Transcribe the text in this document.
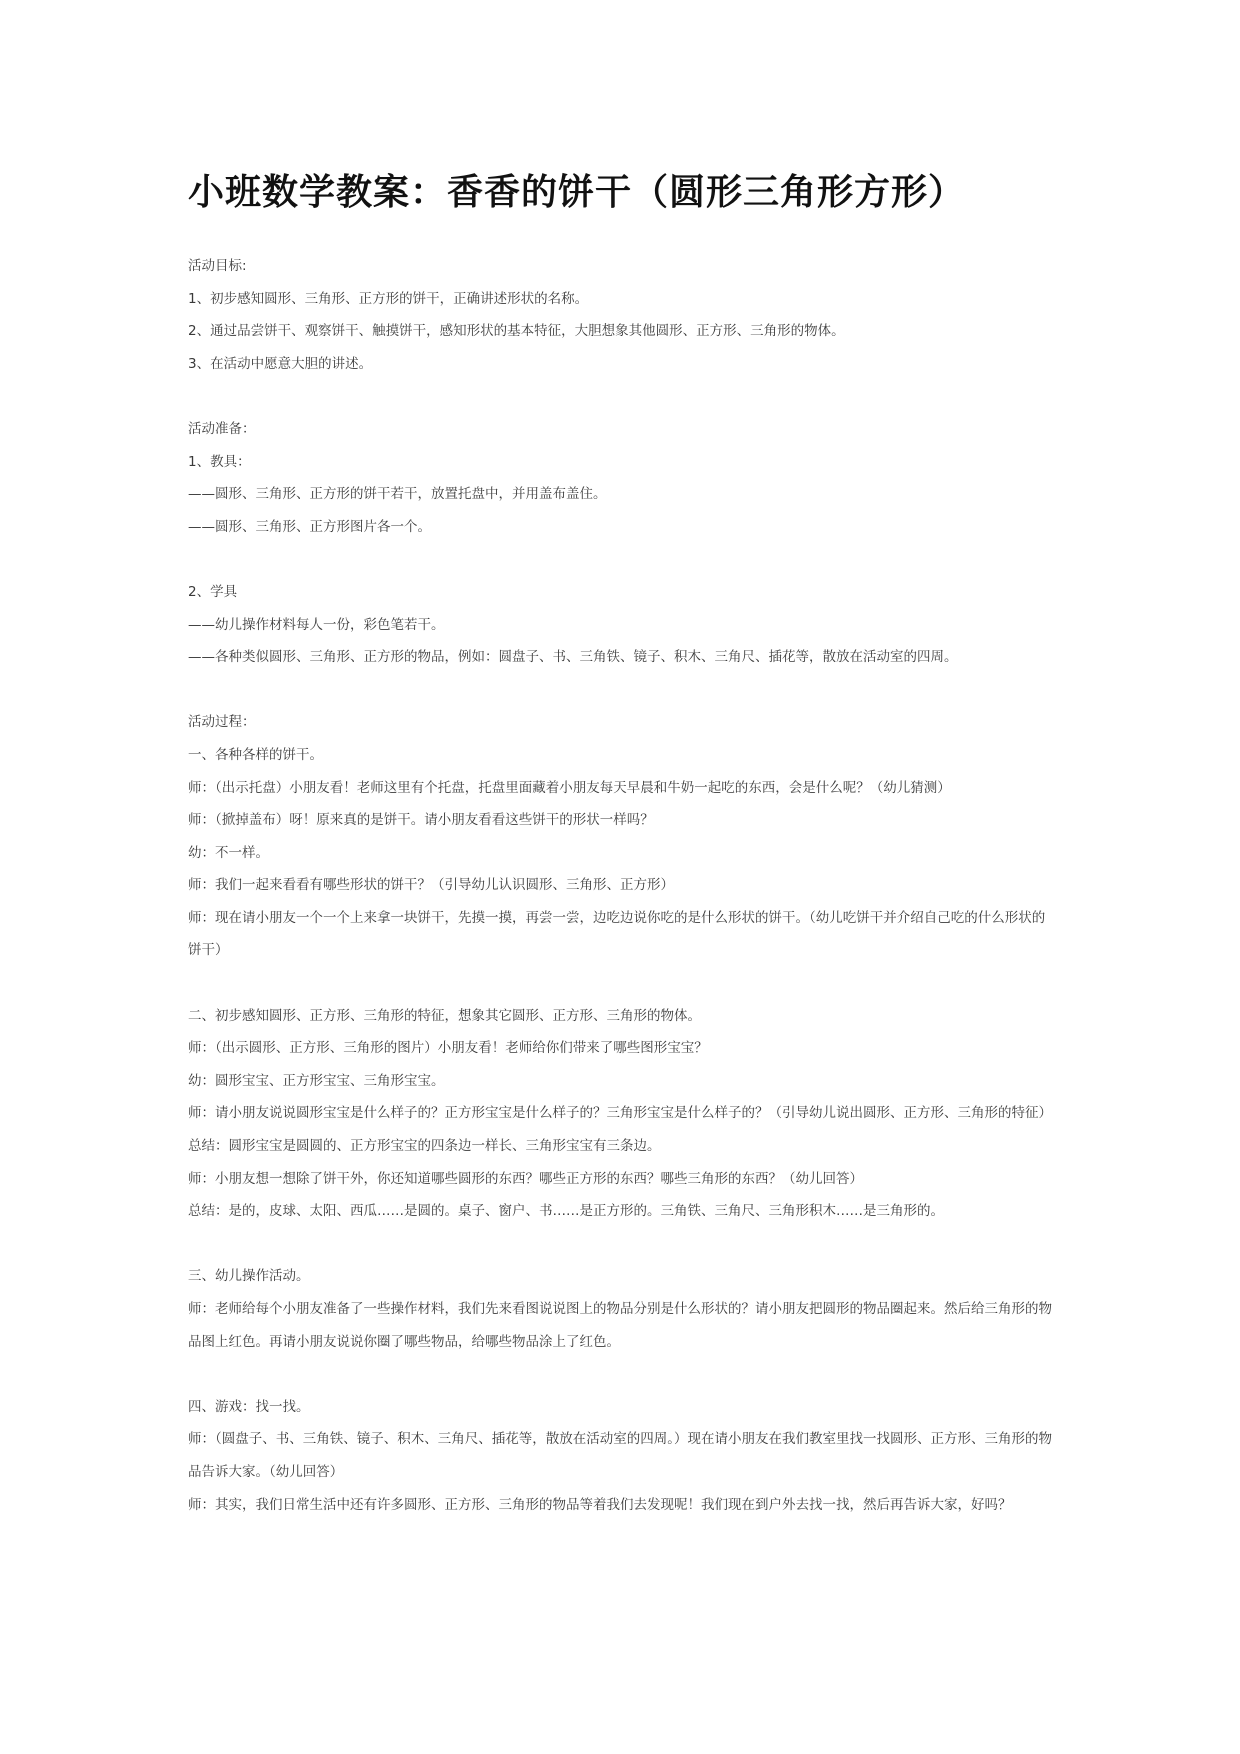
小班数学教案：香香的饼干（圆形三角形方形）

活动目标:

1、初步感知圆形、三角形、正方形的饼干，正确讲述形状的名称。

2、通过品尝饼干、观察饼干、触摸饼干，感知形状的基本特征，大胆想象其他圆形、正方形、三角形的物体。

3、在活动中愿意大胆的讲述。

活动准备：

1、教具：

——圆形、三角形、正方形的饼干若干，放置托盘中，并用盖布盖住。

——圆形、三角形、正方形图片各一个。

2、学具

——幼儿操作材料每人一份，彩色笔若干。

——各种类似圆形、三角形、正方形的物品，例如：圆盘子、书、三角铁、镜子、积木、三角尺、插花等，散放在活动室的四周。

活动过程：

一、各种各样的饼干。

师：（出示托盘）小朋友看！老师这里有个托盘，托盘里面藏着小朋友每天早晨和牛奶一起吃的东西，会是什么呢？（幼儿猜测）

师：（掀掉盖布）呀！原来真的是饼干。请小朋友看看这些饼干的形状一样吗？

幼：不一样。

师：我们一起来看看有哪些形状的饼干？（引导幼儿认识圆形、三角形、正方形）

师：现在请小朋友一个一个上来拿一块饼干，先摸一摸，再尝一尝，边吃边说你吃的是什么形状的饼干。（幼儿吃饼干并介绍自己吃的什么形状的饼干）

二、初步感知圆形、正方形、三角形的特征，想象其它圆形、正方形、三角形的物体。

师：（出示圆形、正方形、三角形的图片）小朋友看！老师给你们带来了哪些图形宝宝？

幼：圆形宝宝、正方形宝宝、三角形宝宝。

师：请小朋友说说圆形宝宝是什么样子的？正方形宝宝是什么样子的？三角形宝宝是什么样子的？（引导幼儿说出圆形、正方形、三角形的特征）

总结：圆形宝宝是圆圆的、正方形宝宝的四条边一样长、三角形宝宝有三条边。

师：小朋友想一想除了饼干外，你还知道哪些圆形的东西？哪些正方形的东西？哪些三角形的东西？（幼儿回答）

总结：是的，皮球、太阳、西瓜……是圆的。桌子、窗户、书……是正方形的。三角铁、三角尺、三角形积木……是三角形的。

三、幼儿操作活动。

师：老师给每个小朋友准备了一些操作材料，我们先来看图说说图上的物品分别是什么形状的？请小朋友把圆形的物品圈起来。然后给三角形的物品图上红色。再请小朋友说说你圈了哪些物品，给哪些物品涂上了红色。

四、游戏：找一找。

师：（圆盘子、书、三角铁、镜子、积木、三角尺、插花等，散放在活动室的四周。）现在请小朋友在我们教室里找一找圆形、正方形、三角形的物品告诉大家。（幼儿回答）

师：其实，我们日常生活中还有许多圆形、正方形、三角形的物品等着我们去发现呢！我们现在到户外去找一找，然后再告诉大家，好吗？
